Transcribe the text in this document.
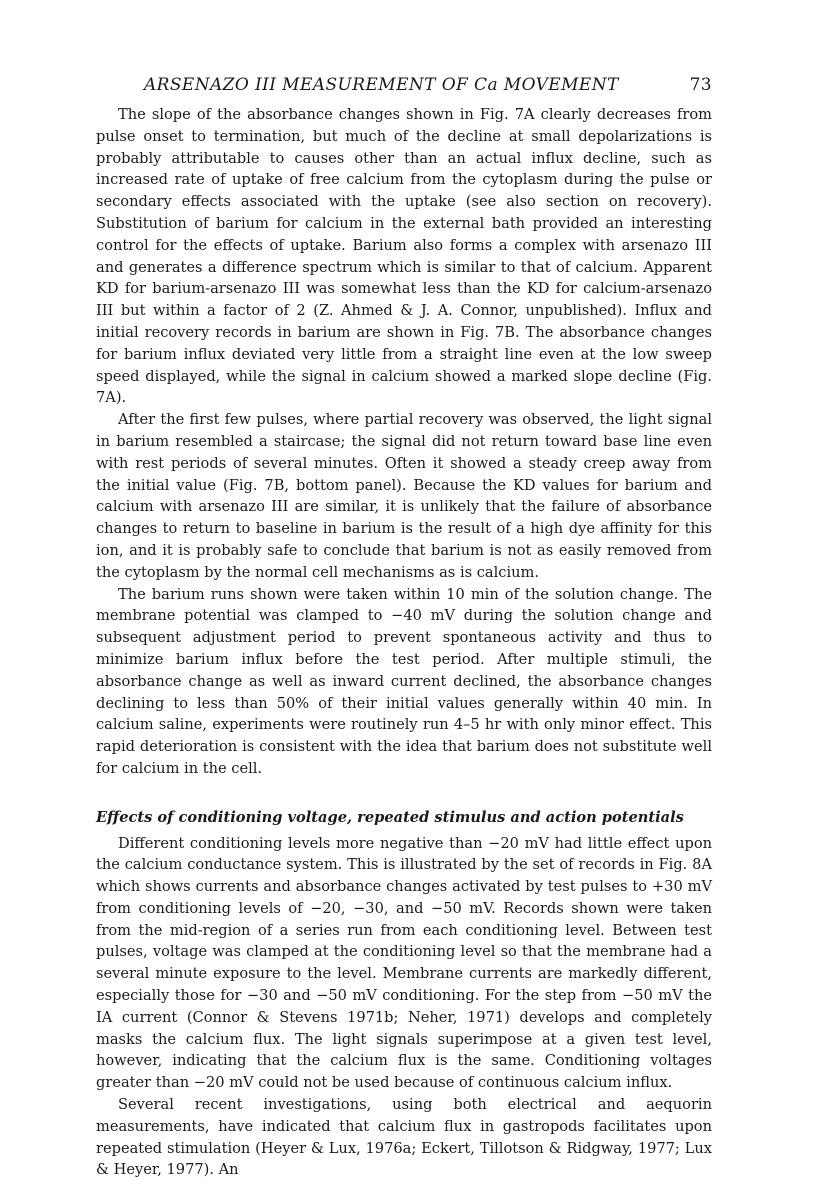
ARSENAZO III MEASUREMENT OF Ca MOVEMENT	73

The slope of the absorbance changes shown in Fig. 7A clearly decreases from pulse onset to termination, but much of the decline at small depolarizations is probably attributable to causes other than an actual influx decline, such as increased rate of uptake of free calcium from the cytoplasm during the pulse or secondary effects associated with the uptake (see also section on recovery). Substitution of barium for calcium in the external bath provided an interesting control for the effects of uptake. Barium also forms a complex with arsenazo III and generates a difference spectrum which is similar to that of calcium. Apparent KD for barium-arsenazo III was somewhat less than the KD for calcium-arsenazo III but within a factor of 2 (Z. Ahmed & J. A. Connor, unpublished). Influx and initial recovery records in barium are shown in Fig. 7B. The absorbance changes for barium influx deviated very little from a straight line even at the low sweep speed displayed, while the signal in calcium showed a marked slope decline (Fig. 7A).

After the first few pulses, where partial recovery was observed, the light signal in barium resembled a staircase; the signal did not return toward base line even with rest periods of several minutes. Often it showed a steady creep away from the initial value (Fig. 7B, bottom panel). Because the KD values for barium and calcium with arsenazo III are similar, it is unlikely that the failure of absorbance changes to return to baseline in barium is the result of a high dye affinity for this ion, and it is probably safe to conclude that barium is not as easily removed from the cytoplasm by the normal cell mechanisms as is calcium.

The barium runs shown were taken within 10 min of the solution change. The membrane potential was clamped to −40 mV during the solution change and subsequent adjustment period to prevent spontaneous activity and thus to minimize barium influx before the test period. After multiple stimuli, the absorbance change as well as inward current declined, the absorbance changes declining to less than 50% of their initial values generally within 40 min. In calcium saline, experiments were routinely run 4–5 hr with only minor effect. This rapid deterioration is consistent with the idea that barium does not substitute well for calcium in the cell.

Effects of conditioning voltage, repeated stimulus and action potentials

Different conditioning levels more negative than −20 mV had little effect upon the calcium conductance system. This is illustrated by the set of records in Fig. 8A which shows currents and absorbance changes activated by test pulses to +30 mV from conditioning levels of −20, −30, and −50 mV. Records shown were taken from the mid-region of a series run from each conditioning level. Between test pulses, voltage was clamped at the conditioning level so that the membrane had a several minute exposure to the level. Membrane currents are markedly different, especially those for −30 and −50 mV conditioning. For the step from −50 mV the IA current (Connor & Stevens 1971b; Neher, 1971) develops and completely masks the calcium flux. The light signals superimpose at a given test level, however, indicating that the calcium flux is the same. Conditioning voltages greater than −20 mV could not be used because of continuous calcium influx.

Several recent investigations, using both electrical and aequorin measurements, have indicated that calcium flux in gastropods facilitates upon repeated stimulation (Heyer & Lux, 1976a; Eckert, Tillotson & Ridgway, 1977; Lux & Heyer, 1977). An
